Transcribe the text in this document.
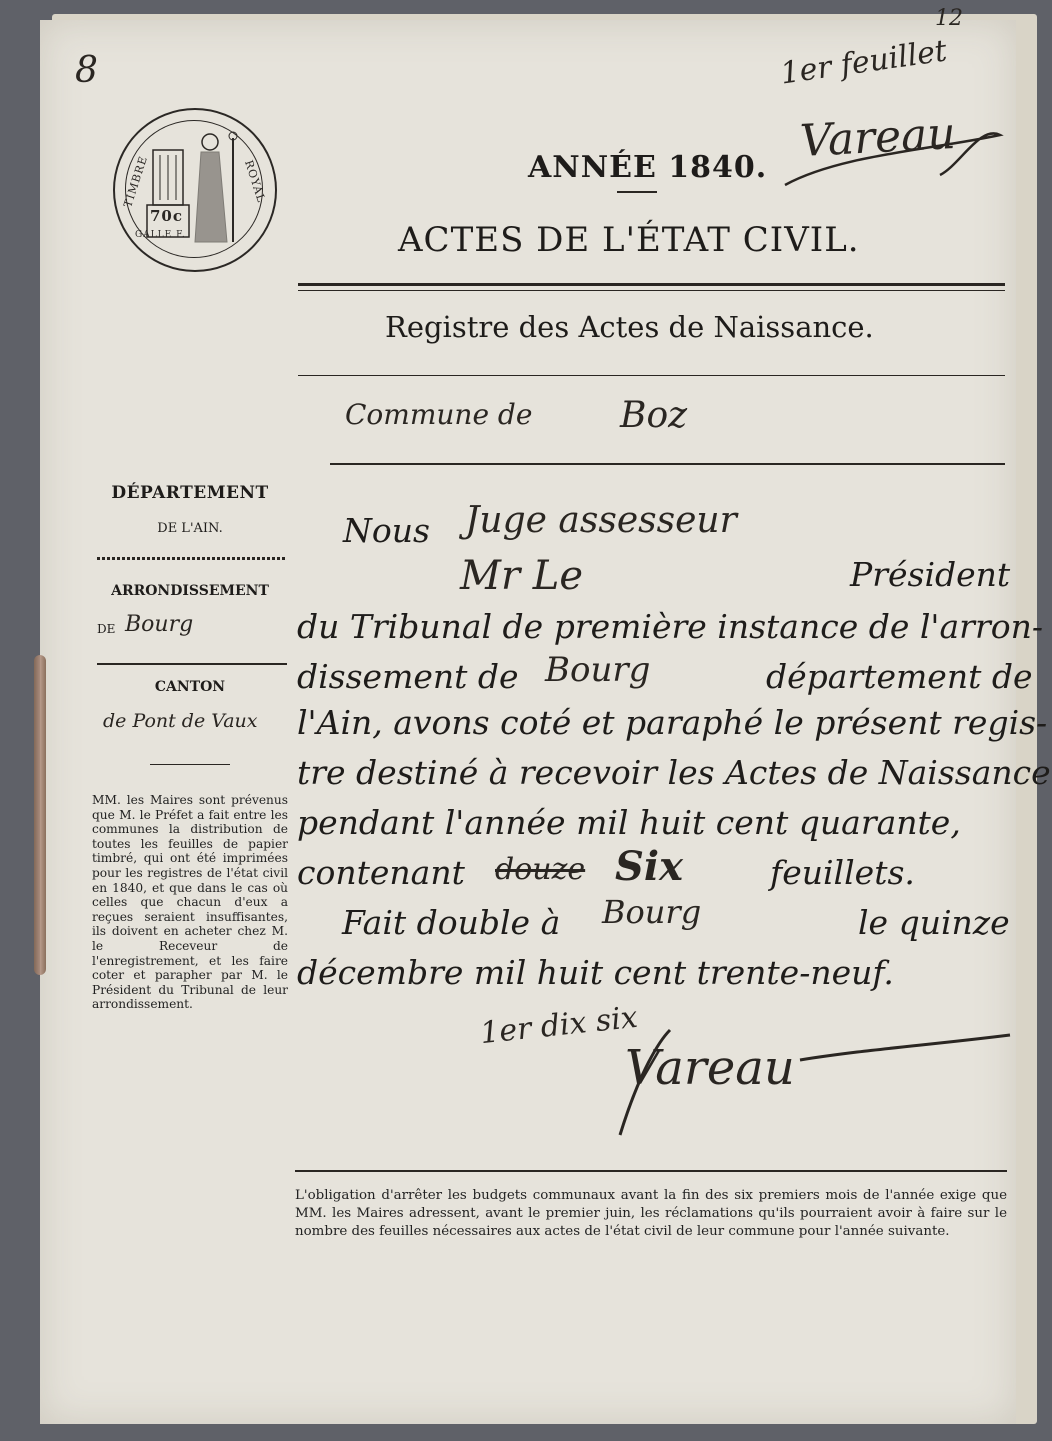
8
12
1er feuillet
Vareau
GALLE F.
70c
TIMBRE	ROYAL	ANNÉE 1840.
ACTES DE L'ÉTAT CIVIL.
Registre des Actes de Naissance.
Commune de Boz
DÉPARTEMENT
DE L'AIN.
ARRONDISSEMENT
DE Bourg
CANTON
de Pont de Vaux
MM. les Maires sont prévenus que M. le Préfet a fait entre les communes la distribution de toutes les feuilles de papier timbré, qui ont été imprimées pour les registres de l'état civil en 1840, et que dans le cas où celles que chacun d'eux a reçues seraient insuffisantes, ils doivent en acheter chez M. le Receveur de l'enregistrement, et les faire coter et parapher par M. le Président du Tribunal de leur arrondissement.
Nous Juge assesseur
Mr Le	Président
du Tribunal de première instance de l'arron-
dissement de Bourg	département de
l'Ain, avons coté et paraphé le présent regis-
tre destiné à recevoir les Actes de Naissance
pendant l'année mil huit cent quarante,
contenant douze Six	feuillets.
Fait double à Bourg	le quinze
décembre mil huit cent trente-neuf.
1er dix six
Vareau
L'obligation d'arrêter les budgets communaux avant la fin des six premiers mois de l'année exige que MM. les Maires adressent, avant le premier juin, les réclamations qu'ils pourraient avoir à faire sur le nombre des feuilles nécessaires aux actes de l'état civil de leur commune pour l'année suivante.
